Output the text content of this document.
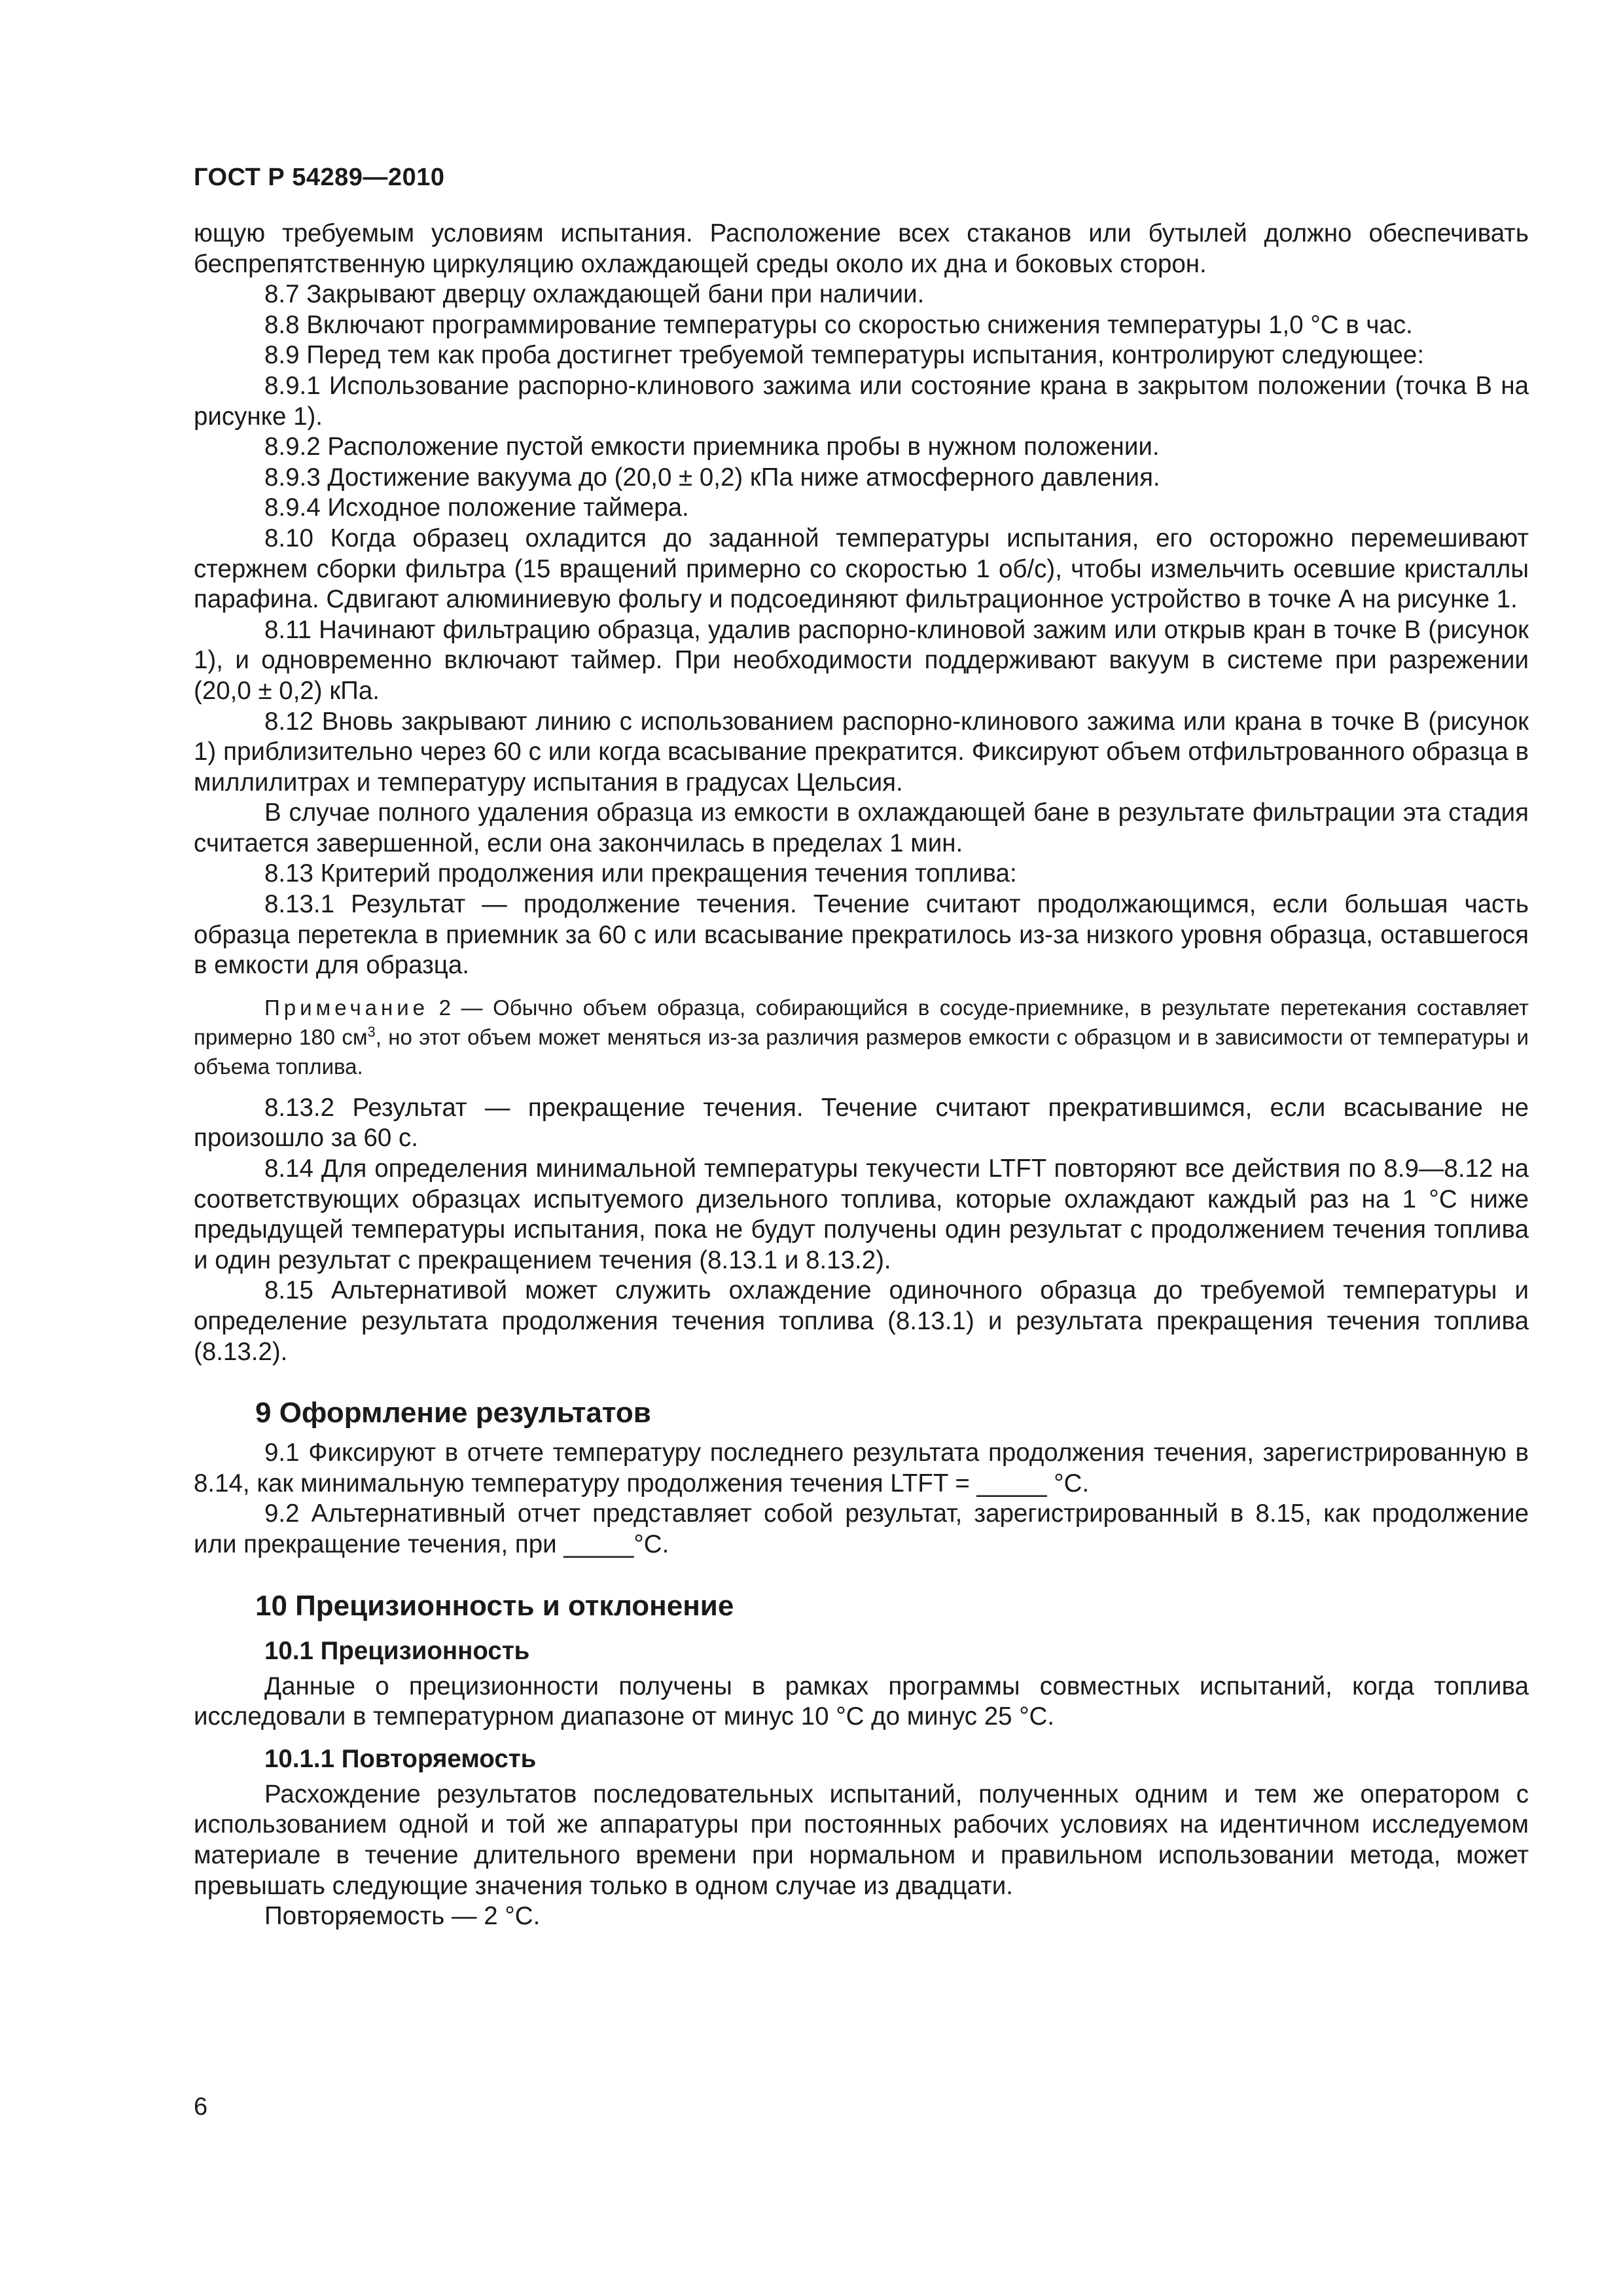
ГОСТ Р 54289—2010

ющую требуемым условиям испытания. Расположение всех стаканов или бутылей должно обеспечивать беспрепятственную циркуляцию охлаждающей среды около их дна и боковых сторон.

8.7 Закрывают дверцу охлаждающей бани при наличии.

8.8 Включают программирование температуры со скоростью снижения температуры 1,0 °C в час.

8.9 Перед тем как проба достигнет требуемой температуры испытания, контролируют следующее:

8.9.1 Использование распорно-клинового зажима или состояние крана в закрытом положении (точка В на рисунке 1).

8.9.2 Расположение пустой емкости приемника пробы в нужном положении.

8.9.3 Достижение вакуума до (20,0 ± 0,2) кПа ниже атмосферного давления.

8.9.4 Исходное положение таймера.

8.10 Когда образец охладится до заданной температуры испытания, его осторожно перемешивают стержнем сборки фильтра (15 вращений примерно со скоростью 1 об/с), чтобы измельчить осевшие кристаллы парафина. Сдвигают алюминиевую фольгу и подсоединяют фильтрационное устройство в точке А на рисунке 1.

8.11 Начинают фильтрацию образца, удалив распорно-клиновой зажим или открыв кран в точке В (рисунок 1), и одновременно включают таймер. При необходимости поддерживают вакуум в системе при разрежении (20,0 ± 0,2) кПа.

8.12 Вновь закрывают линию с использованием распорно-клинового зажима или крана в точке В (рисунок 1) приблизительно через 60 с или когда всасывание прекратится. Фиксируют объем отфильтрованного образца в миллилитрах и температуру испытания в градусах Цельсия.

В случае полного удаления образца из емкости в охлаждающей бане в результате фильтрации эта стадия считается завершенной, если она закончилась в пределах 1 мин.

8.13 Критерий продолжения или прекращения течения топлива:

8.13.1 Результат — продолжение течения. Течение считают продолжающимся, если большая часть образца перетекла в приемник за 60 с или всасывание прекратилось из-за низкого уровня образца, оставшегося в емкости для образца.

Примечание 2 — Обычно объем образца, собирающийся в сосуде-приемнике, в результате перетекания составляет примерно 180 $см^3$, но этот объем может меняться из-за различия размеров емкости с образцом и в зависимости от температуры и объема топлива.

8.13.2 Результат — прекращение течения. Течение считают прекратившимся, если всасывание не произошло за 60 с.

8.14 Для определения минимальной температуры текучести LTFT повторяют все действия по 8.9—8.12 на соответствующих образцах испытуемого дизельного топлива, которые охлаждают каждый раз на 1 °C ниже предыдущей температуры испытания, пока не будут получены один результат с продолжением течения топлива и один результат с прекращением течения (8.13.1 и 8.13.2).

8.15 Альтернативой может служить охлаждение одиночного образца до требуемой температуры и определение результата продолжения течения топлива (8.13.1) и результата прекращения течения топлива (8.13.2).

9 Оформление результатов

9.1 Фиксируют в отчете температуру последнего результата продолжения течения, зарегистрированную в 8.14, как минимальную температуру продолжения течения LTFT = _____ °C.

9.2 Альтернативный отчет представляет собой результат, зарегистрированный в 8.15, как продолжение или прекращение течения, при _____°C.

10 Прецизионность и отклонение
10.1 Прецизионность

Данные о прецизионности получены в рамках программы совместных испытаний, когда топлива исследовали в температурном диапазоне от минус 10 °C до минус 25 °C.

10.1.1 Повторяемость

Расхождение результатов последовательных испытаний, полученных одним и тем же оператором с использованием одной и той же аппаратуры при постоянных рабочих условиях на идентичном исследуемом материале в течение длительного времени при нормальном и правильном использовании метода, может превышать следующие значения только в одном случае из двадцати.

Повторяемость — 2 °C.

6
